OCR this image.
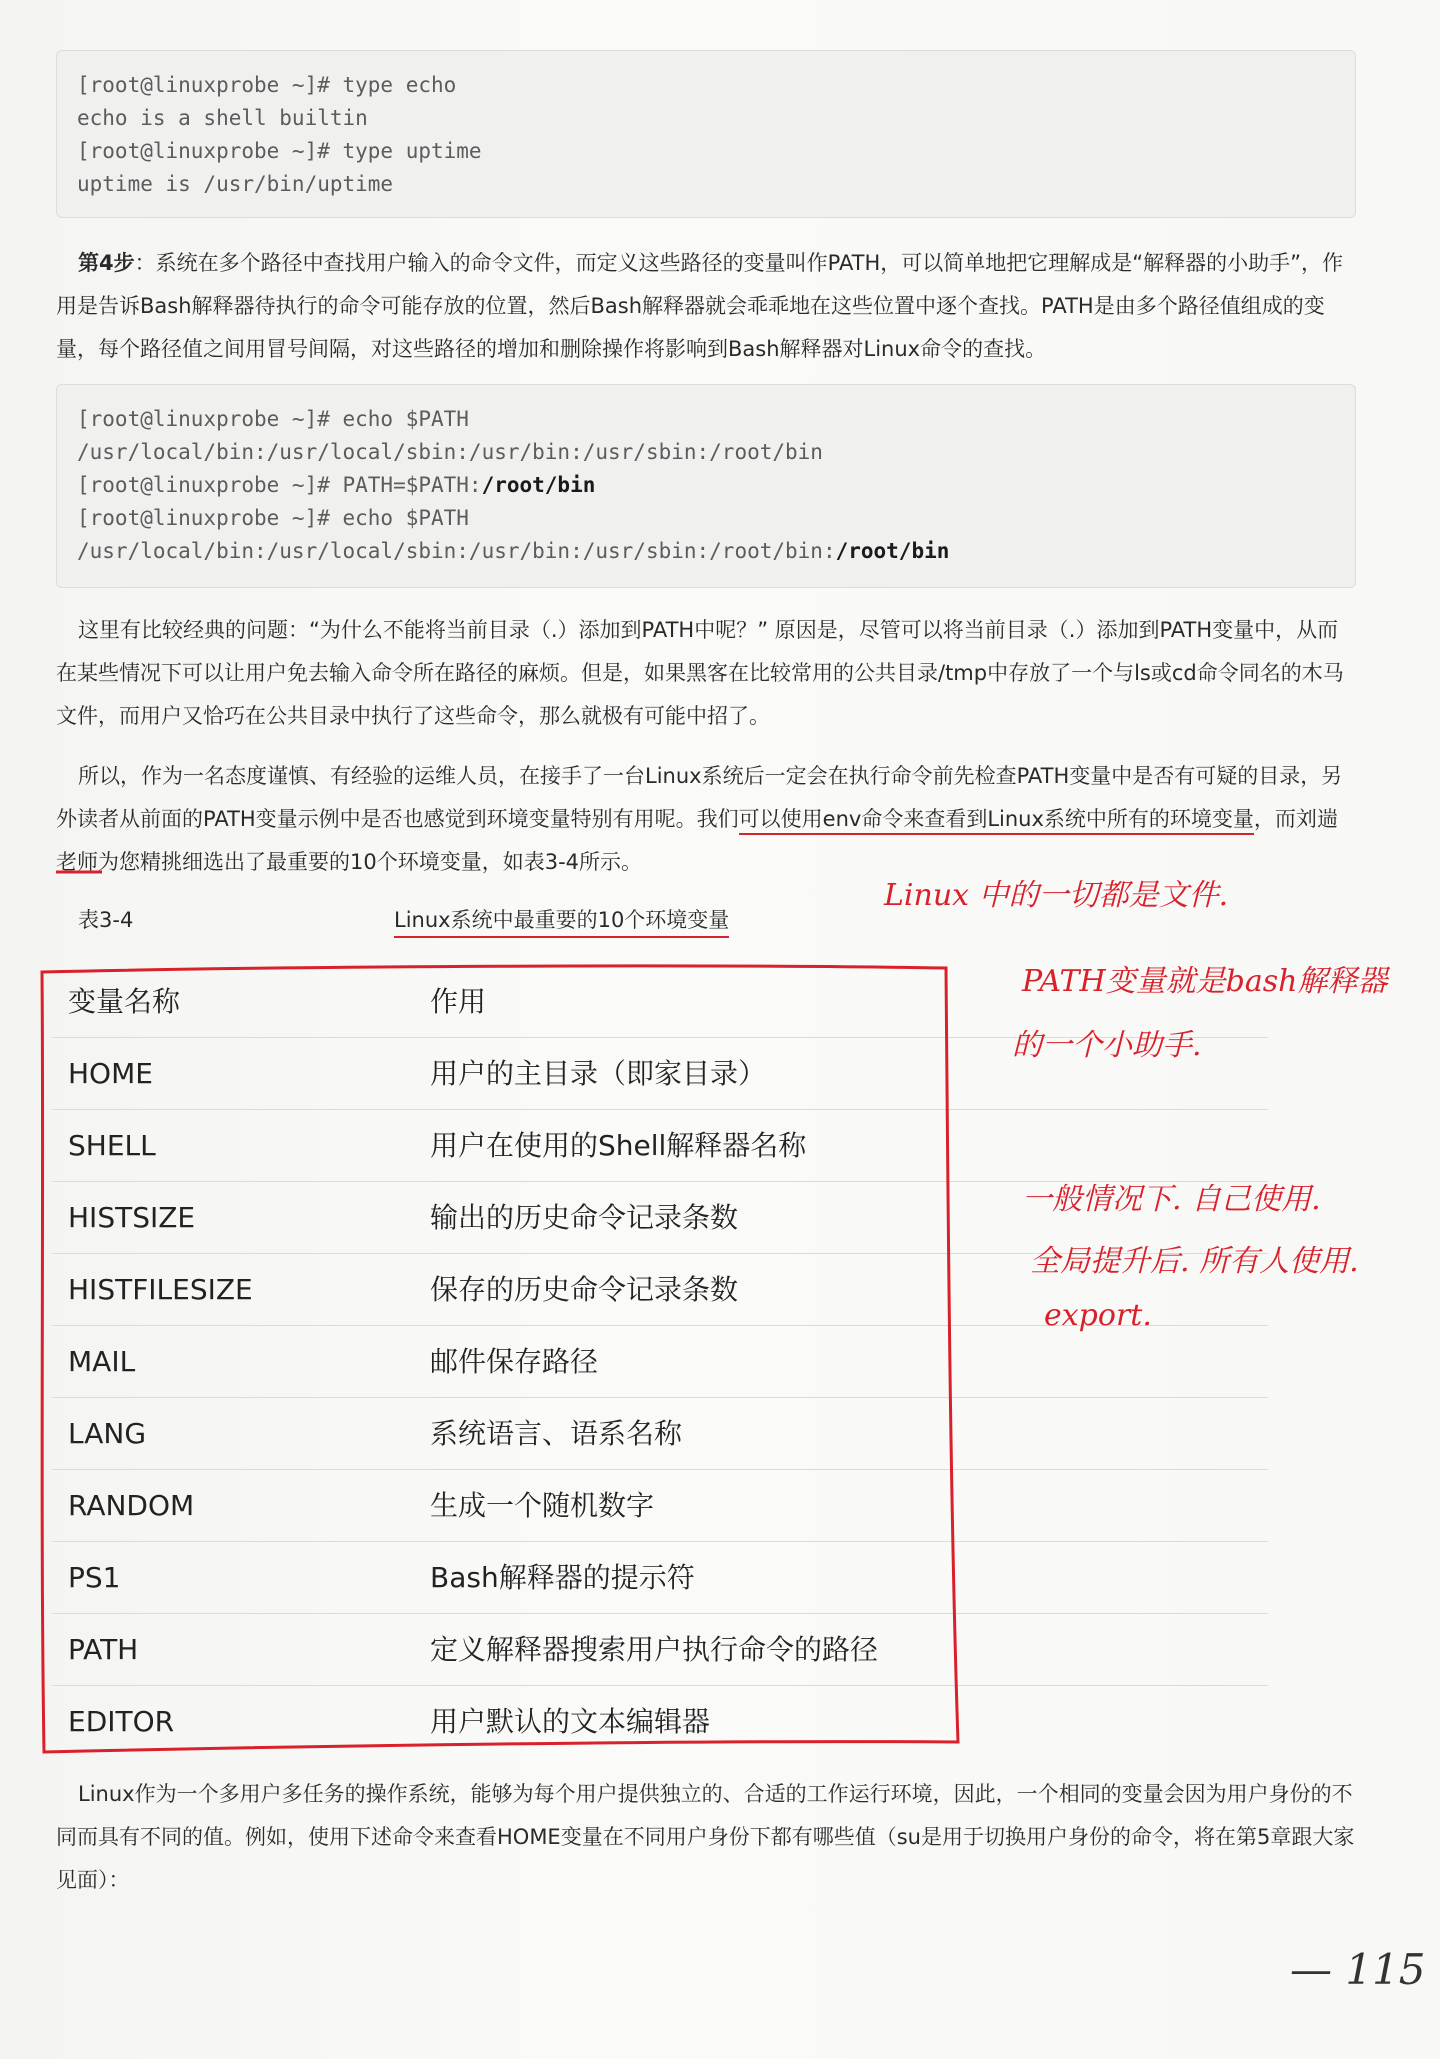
[root@linuxprobe ~]# type echo
echo is a shell builtin
[root@linuxprobe ~]# type uptime
uptime is /usr/bin/uptime
第4步：系统在多个路径中查找用户输入的命令文件，而定义这些路径的变量叫作PATH，可以简单地把它理解成是“解释器的小助手”，作用是告诉Bash解释器待执行的命令可能存放的位置，然后Bash解释器就会乖乖地在这些位置中逐个查找。PATH是由多个路径值组成的变量，每个路径值之间用冒号间隔，对这些路径的增加和删除操作将影响到Bash解释器对Linux命令的查找。
[root@linuxprobe ~]# echo $PATH
/usr/local/bin:/usr/local/sbin:/usr/bin:/usr/sbin:/root/bin
[root@linuxprobe ~]# PATH=$PATH:/root/bin
[root@linuxprobe ~]# echo $PATH
/usr/local/bin:/usr/local/sbin:/usr/bin:/usr/sbin:/root/bin:/root/bin
这里有比较经典的问题：“为什么不能将当前目录（.）添加到PATH中呢？” 原因是，尽管可以将当前目录（.）添加到PATH变量中，从而在某些情况下可以让用户免去输入命令所在路径的麻烦。但是，如果黑客在比较常用的公共目录/tmp中存放了一个与ls或cd命令同名的木马文件，而用户又恰巧在公共目录中执行了这些命令，那么就极有可能中招了。
所以，作为一名态度谨慎、有经验的运维人员，在接手了一台Linux系统后一定会在执行命令前先检查PATH变量中是否有可疑的目录，另外读者从前面的PATH变量示例中是否也感觉到环境变量特别有用呢。我们可以使用env命令来查看到Linux系统中所有的环境变量，而刘遄老师为您精挑细选出了最重要的10个环境变量，如表3-4所示。
表3-4	Linux系统中最重要的10个环境变量
变量名称	作用
HOME	用户的主目录（即家目录）
SHELL	用户在使用的Shell解释器名称
HISTSIZE	输出的历史命令记录条数
HISTFILESIZE	保存的历史命令记录条数
MAIL	邮件保存路径
LANG	系统语言、语系名称
RANDOM	生成一个随机数字
PS1	Bash解释器的提示符
PATH	定义解释器搜索用户执行命令的路径
EDITOR	用户默认的文本编辑器
Linux作为一个多用户多任务的操作系统，能够为每个用户提供独立的、合适的工作运行环境，因此，一个相同的变量会因为用户身份的不同而具有不同的值。例如，使用下述命令来查看HOME变量在不同用户身份下都有哪些值（su是用于切换用户身份的命令，将在第5章跟大家见面）：
Linux 中的一切都是文件.
PATH变量就是bash解释器
的一个小助手.
一般情况下. 自己使用.
全局提升后. 所有人使用.
export.
— 115
